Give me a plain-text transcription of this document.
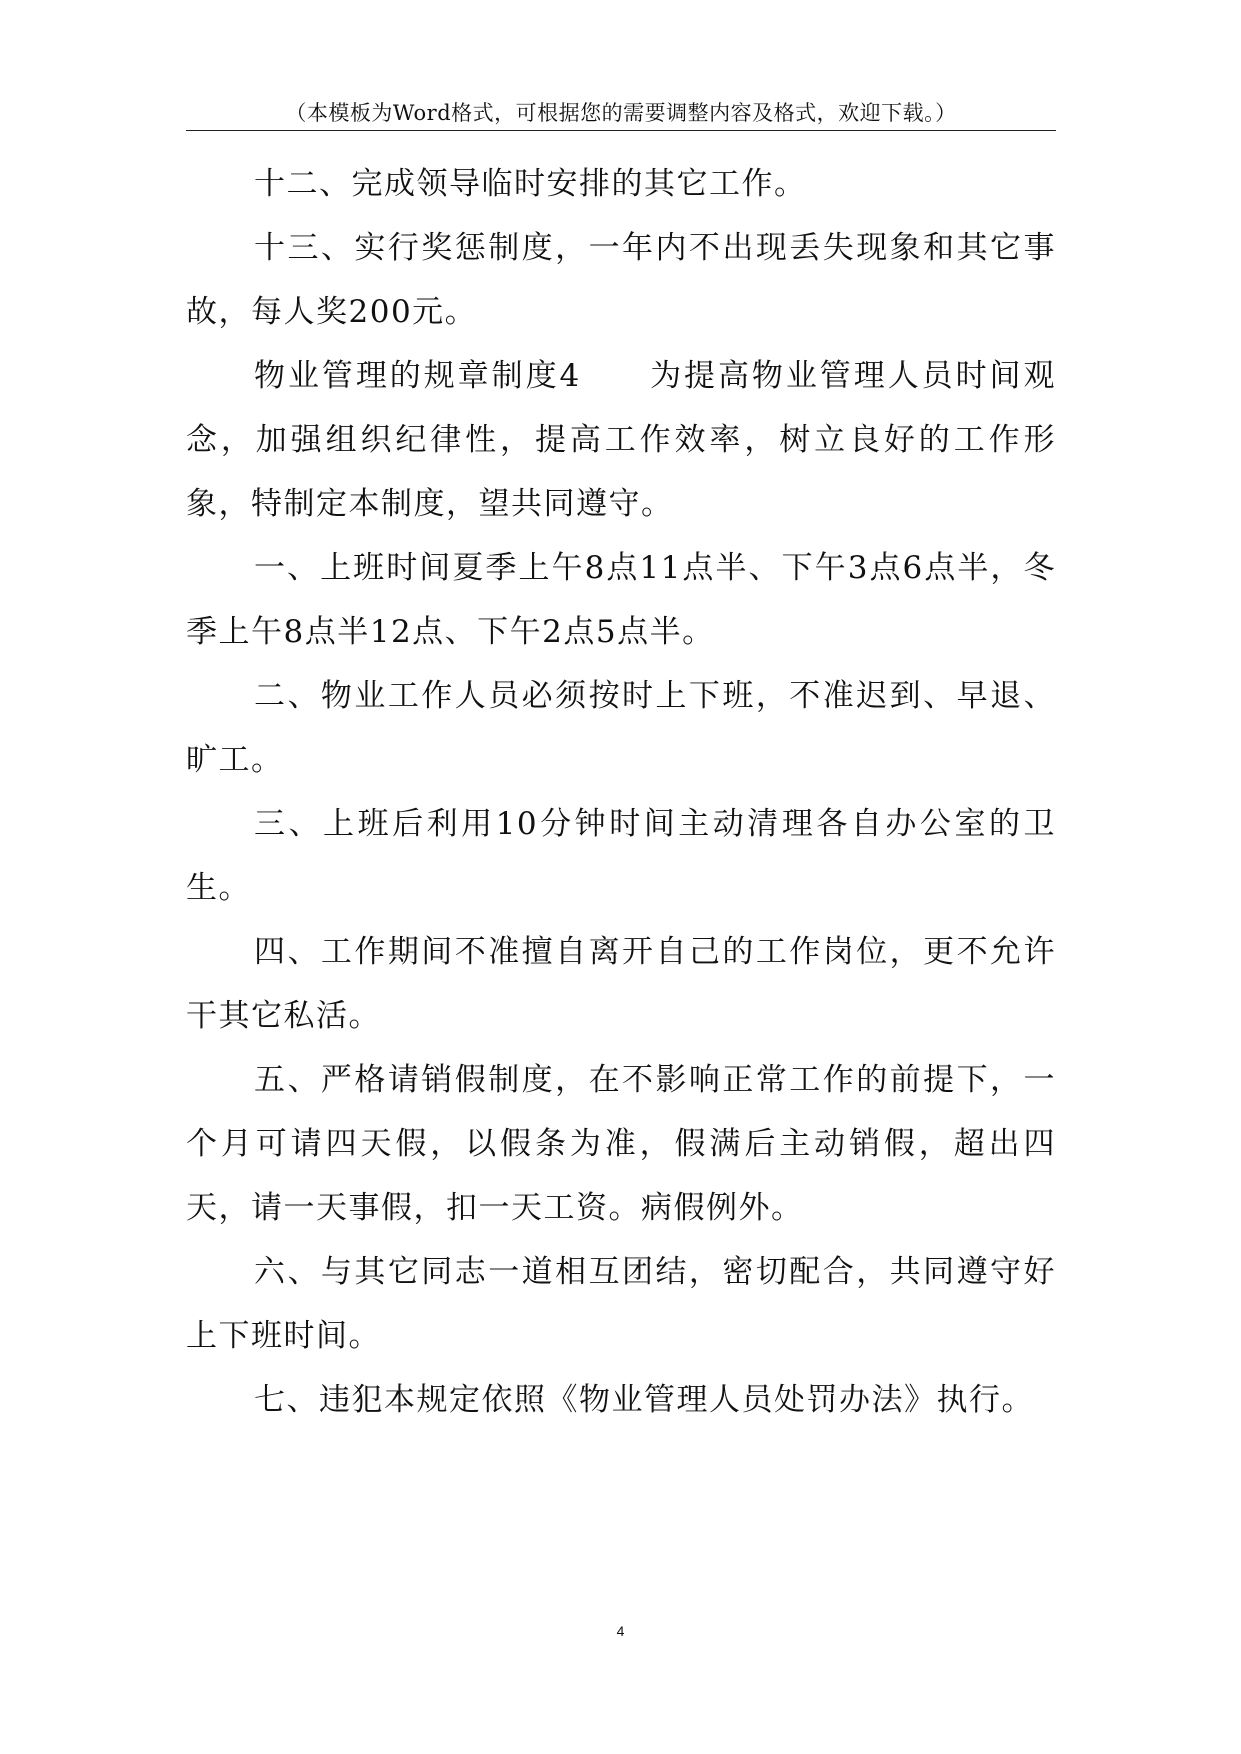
（本模板为Word格式，可根据您的需要调整内容及格式，欢迎下载。）

十二、完成领导临时安排的其它工作。

十三、实行奖惩制度，一年内不出现丢失现象和其它事故，每人奖200元。

物业管理的规章制度4　　为提高物业管理人员时间观念，加强组织纪律性，提高工作效率，树立良好的工作形象，特制定本制度，望共同遵守。

一、上班时间夏季上午8点11点半、下午3点6点半，冬季上午8点半12点、下午2点5点半。

二、物业工作人员必须按时上下班，不准迟到、早退、旷工。

三、上班后利用10分钟时间主动清理各自办公室的卫生。

四、工作期间不准擅自离开自己的工作岗位，更不允许干其它私活。

五、严格请销假制度，在不影响正常工作的前提下，一个月可请四天假，以假条为准，假满后主动销假，超出四天，请一天事假，扣一天工资。病假例外。

六、与其它同志一道相互团结，密切配合，共同遵守好上下班时间。

七、违犯本规定依照《物业管理人员处罚办法》执行。

4
